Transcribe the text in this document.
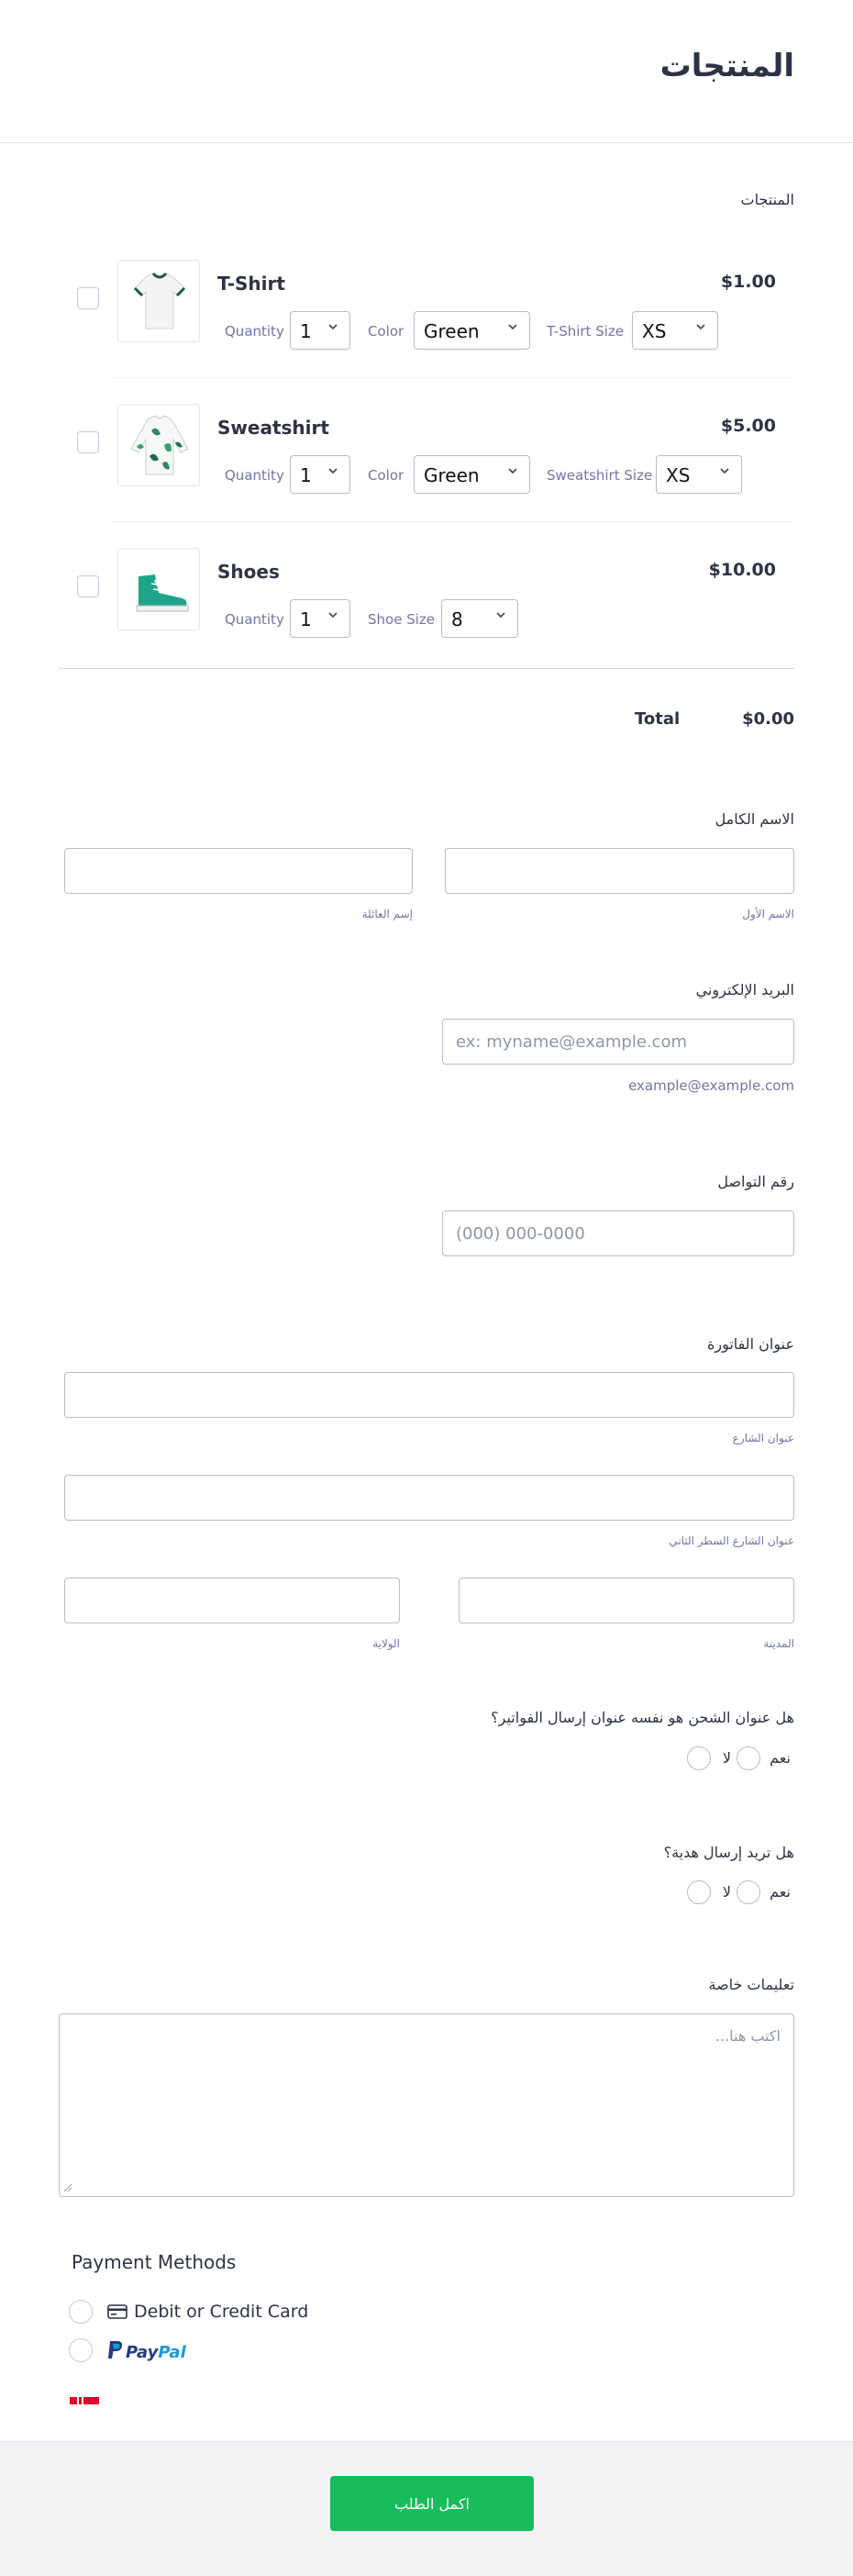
المنتجات
المنتجات
T-Shirt	$1.00
Quantity 1	Color Green	T-Shirt Size XS
Sweatshirt	$5.00
Quantity 1	Color Green	Sweatshirt Size XS
Shoes	$10.00
Quantity 1	Shoe Size 8
Total	$0.00
الاسم الكامل
الاسم الأول
إسم العائلة
البريد الإلكتروني
ex: myname@example.com
example@example.com
رقم التواصل
(000) 000-0000
عنوان الفاتورة
عنوان الشارع
عنوان الشارع السطر الثاني
المدينة
الولاية
هل عنوان الشحن هو نفسه عنوان إرسال الفواتير؟
نعم
لا
هل تريد إرسال هدية؟
نعم
لا
تعليمات خاصة
اكتب هنا...
Payment Methods
Debit or Credit Card
PayPal
اكمل الطلب
